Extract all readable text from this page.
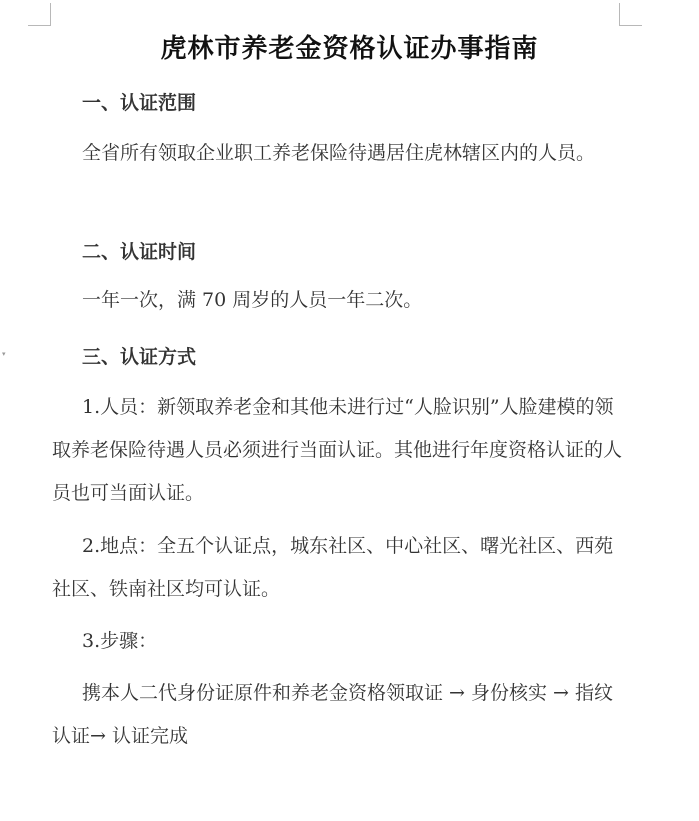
▾
虎林市养老金资格认证办事指南
一、认证范围

全省所有领取企业职工养老保险待遇居住虎林辖区内的人员。

二、认证时间

一年一次，满 70 周岁的人员一年二次。

三、认证方式

1.人员：新领取养老金和其他未进行过“人脸识别”人脸建模的领取养老保险待遇人员必须进行当面认证。其他进行年度资格认证的人员也可当面认证。

2.地点：全五个认证点，城东社区、中心社区、曙光社区、西苑社区、铁南社区均可认证。

3.步骤：

携本人二代身份证原件和养老金资格领取证 → 身份核实 → 指纹认证→ 认证完成
